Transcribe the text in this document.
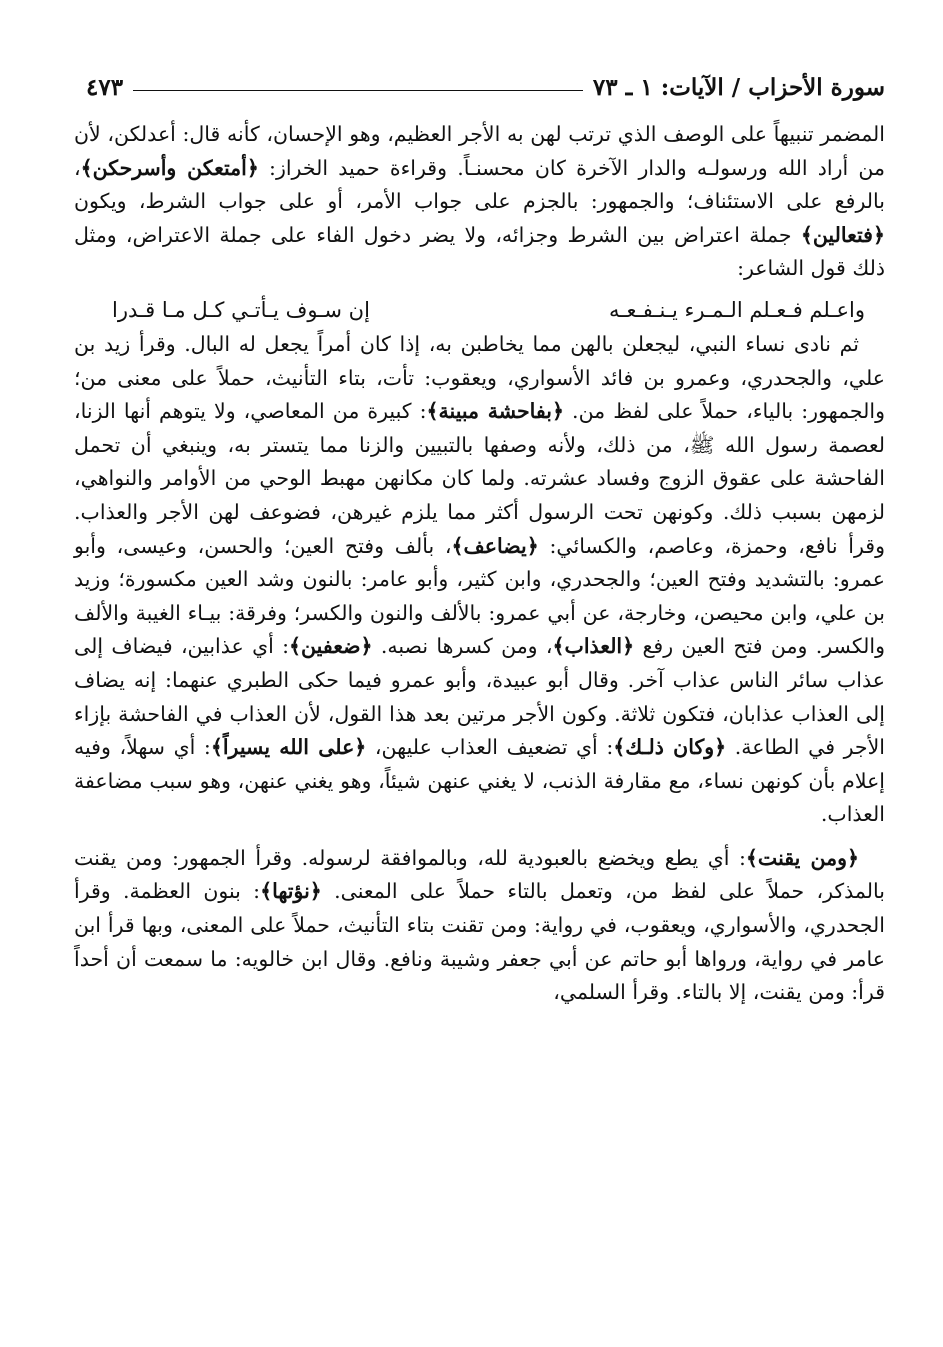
سورة الأحزاب / الآيات: ١ ـ ٧٣
٤٧٣

المضمر تنبيهاً على الوصف الذي ترتب لهن به الأجر العظيم، وهو الإحسان، كأنه قال: أعدلكن، لأن من أراد الله ورسولـه والدار الآخرة كان محسنـاً. وقراءة حميد الخراز: ﴿أمتعكن وأسرحكن﴾، بالرفع على الاستئناف؛ والجمهور: بالجزم على جواب الأمر، أو على جواب الشرط، ويكون ﴿فتعالين﴾ جملة اعتراض بين الشرط وجزائه، ولا يضر دخول الفاء على جملة الاعتراض، ومثل ذلك قول الشاعر:

واعـلم فـعـلم الـمـرء يـنـفـعـه
إن سـوف يـأتـي كـل مـا قـدرا

ثم نادى نساء النبي، ليجعلن بالهن مما يخاطبن به، إذا كان أمراً يجعل له البال. وقرأ زيد بن علي، والجحدري، وعمرو بن فائد الأسواري، ويعقوب: تأت، بتاء التأنيث، حملاً على معنى من؛ والجمهور: بالياء، حملاً على لفظ من. ﴿بفاحشة مبينة﴾: كبيرة من المعاصي، ولا يتوهم أنها الزنا، لعصمة رسول الله ﷺ، من ذلك، ولأنه وصفها بالتبيين والزنا مما يتستر به، وينبغي أن تحمل الفاحشة على عقوق الزوج وفساد عشرته. ولما كان مكانهن مهبط الوحي من الأوامر والنواهي، لزمهن بسبب ذلك. وكونهن تحت الرسول أكثر مما يلزم غيرهن، فضوعف لهن الأجر والعذاب. وقرأ نافع، وحمزة، وعاصم، والكسائي: ﴿يضاعف﴾، بألف وفتح العين؛ والحسن، وعيسى، وأبو عمرو: بالتشديد وفتح العين؛ والجحدري، وابن كثير، وأبو عامر: بالنون وشد العين مكسورة؛ وزيد بن علي، وابن محيصن، وخارجة، عن أبي عمرو: بالألف والنون والكسر؛ وفرقة: بيـاء الغيبة والألف والكسر. ومن فتح العين رفع ﴿العذاب﴾، ومن كسرها نصبه. ﴿ضعفين﴾: أي عذابين، فيضاف إلى عذاب سائر الناس عذاب آخر. وقال أبو عبيدة، وأبو عمرو فيما حكى الطبري عنهما: إنه يضاف إلى العذاب عذابان، فتكون ثلاثة. وكون الأجر مرتين بعد هذا القول، لأن العذاب في الفاحشة بإزاء الأجر في الطاعة. ﴿وكان ذلـك﴾: أي تضعيف العذاب عليهن، ﴿على الله يسيراً﴾: أي سهلاً، وفيه إعلام بأن كونهن نساء، مع مقارفة الذنب، لا يغني عنهن شيئاً، وهو يغني عنهن، وهو سبب مضاعفة العذاب.

﴿ومن يقنت﴾: أي يطع ويخضع بالعبودية لله، وبالموافقة لرسوله. وقرأ الجمهور: ومن يقنت بالمذكر، حملاً على لفظ من، وتعمل بالتاء حملاً على المعنى. ﴿نؤتها﴾: بنون العظمة. وقرأ الجحدري، والأسواري، ويعقوب، في رواية: ومن تقنت بتاء التأنيث، حملاً على المعنى، وبها قرأ ابن عامر في رواية، ورواها أبو حاتم عن أبي جعفر وشيبة ونافع. وقال ابن خالويه: ما سمعت أن أحداً قرأ: ومن يقنت، إلا بالتاء. وقرأ السلمي،
